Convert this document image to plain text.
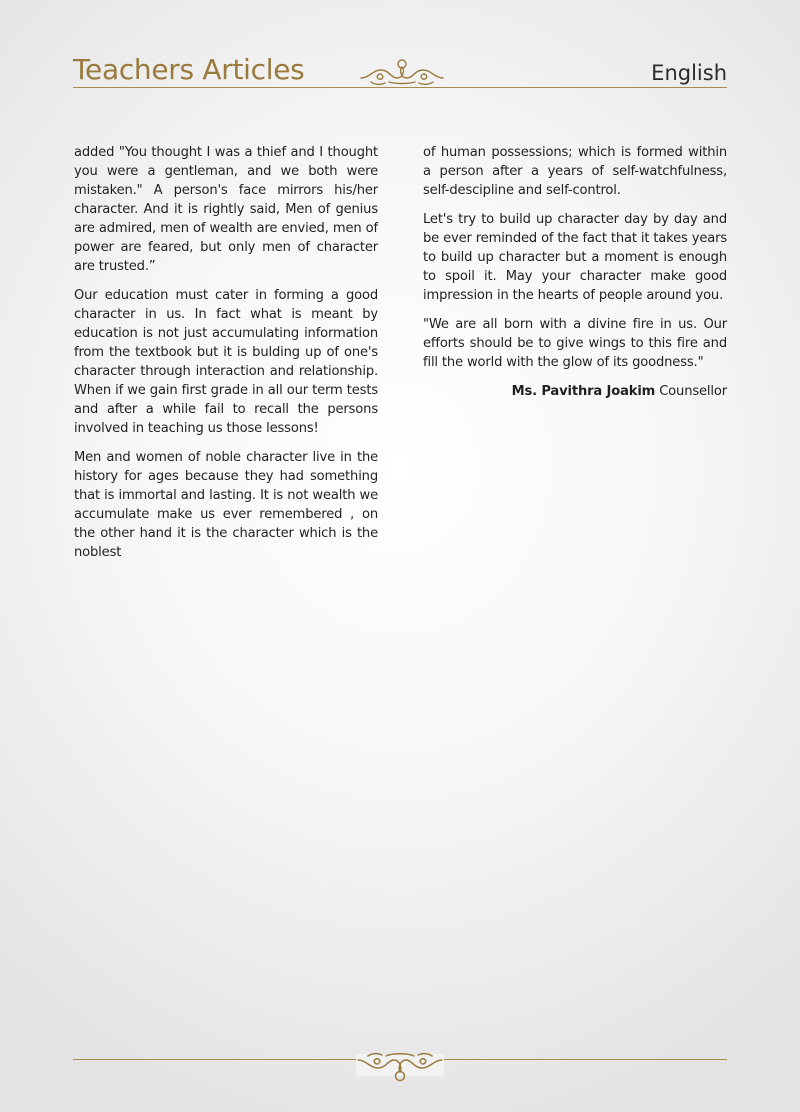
Teachers Articles	English

added "You thought I was a thief and I thought you were a gentleman, and we both were mistaken." A person's face mirrors his/her character. And it is rightly said, Men of genius are admired, men of wealth are envied, men of power are feared, but only men of character are trusted.”

Our education must cater in forming a good character in us. In fact what is meant by education is not just accumulating information from the textbook but it is bulding up of one's character through interaction and relationship. When if we gain first grade in all our term tests and after a while fail to recall the persons involved in teaching us those lessons!

Men and women of noble character live in the history for ages because they had something that is immortal and lasting. It is not wealth we accumulate make us ever remembered , on the other hand it is the character which is the noblest

of human possessions; which is formed within a person after a years of self-watchfulness, self-descipline and self-control.

Let's try to build up character day by day and be ever reminded of the fact that it takes years to build up character but a moment is enough to spoil it. May your character make good impression in the hearts of people around you.

"We are all born with a divine fire in us. Our efforts should be to give wings to this fire and fill the world with the glow of its goodness."

Ms. Pavithra Joakim Counsellor
